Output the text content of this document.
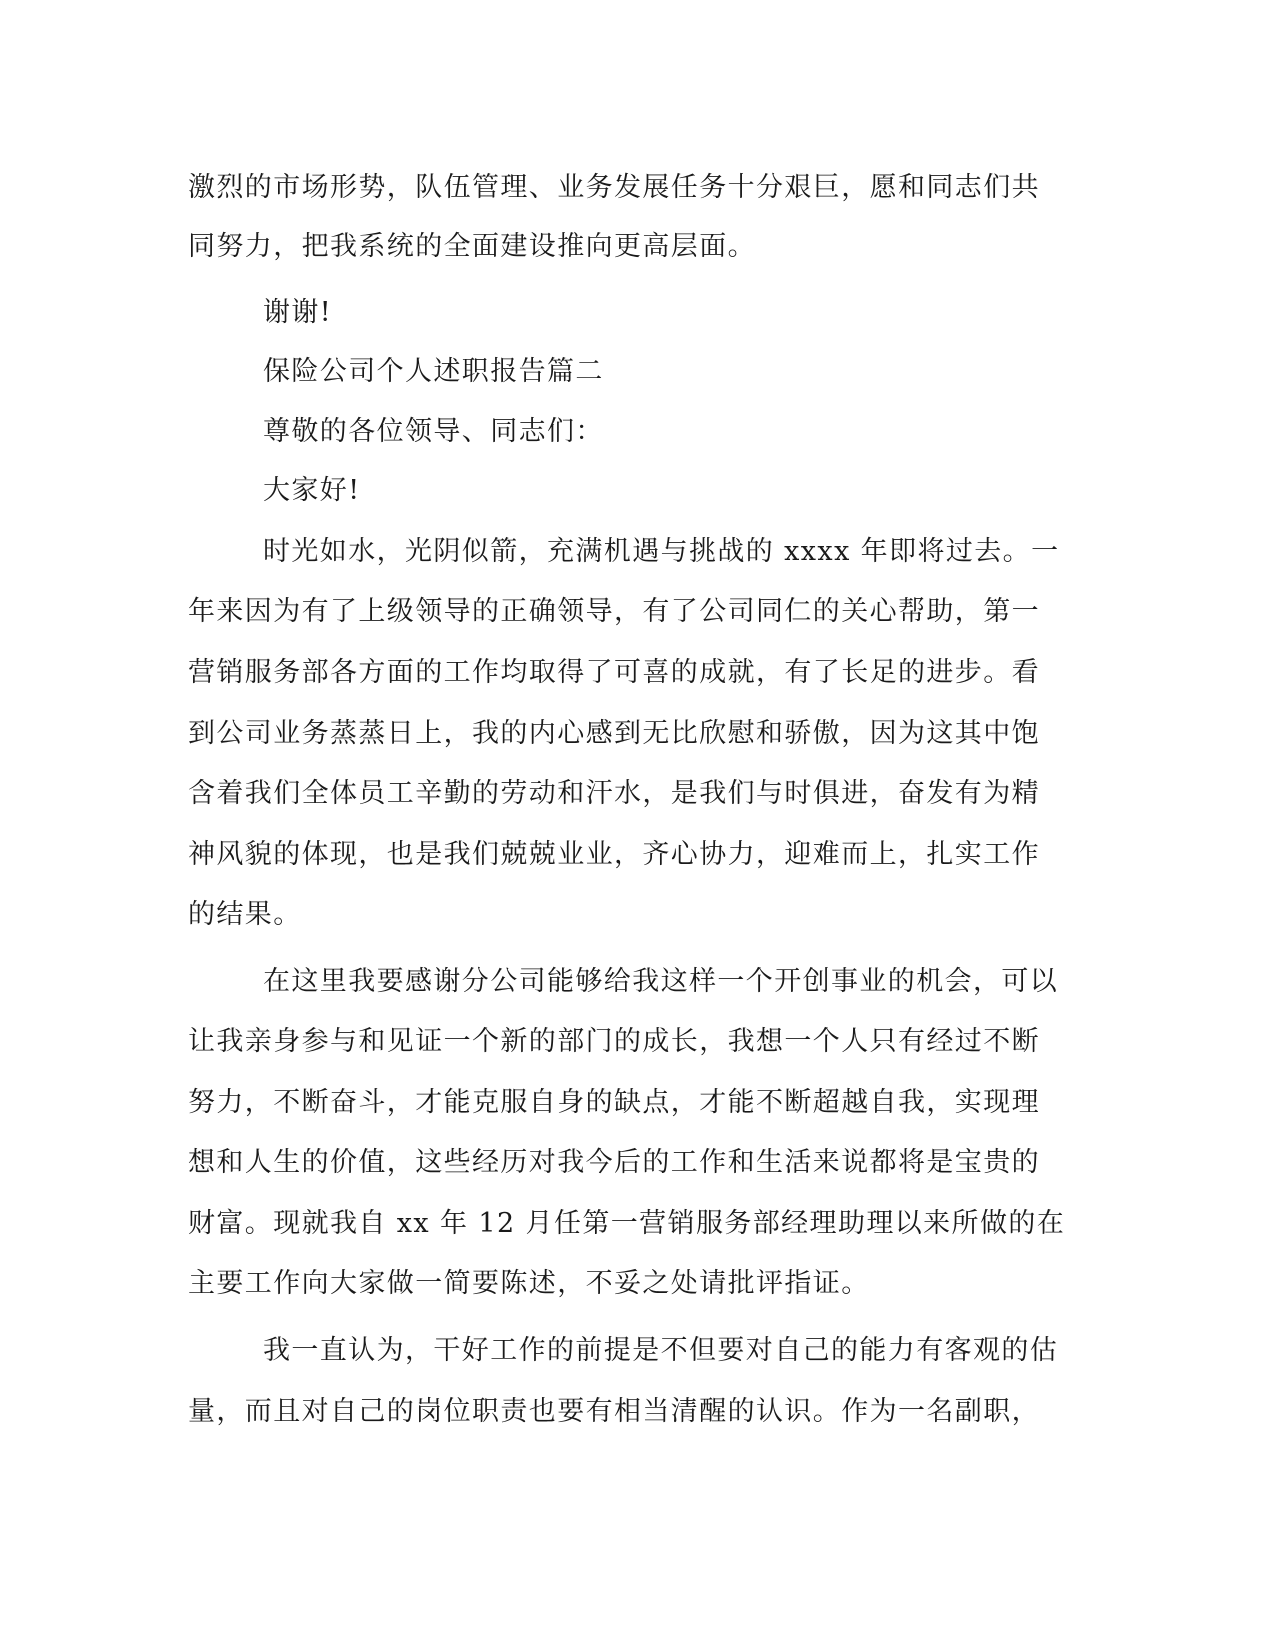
激烈的市场形势，队伍管理、业务发展任务十分艰巨，愿和同志们共
同努力，把我系统的全面建设推向更高层面。
谢谢!
保险公司个人述职报告篇二
尊敬的各位领导、同志们：
大家好!
时光如水，光阴似箭，充满机遇与挑战的 xxxx 年即将过去。一
年来因为有了上级领导的正确领导，有了公司同仁的关心帮助，第一
营销服务部各方面的工作均取得了可喜的成就，有了长足的进步。看
到公司业务蒸蒸日上，我的内心感到无比欣慰和骄傲，因为这其中饱
含着我们全体员工辛勤的劳动和汗水，是我们与时俱进，奋发有为精
神风貌的体现，也是我们兢兢业业，齐心协力，迎难而上，扎实工作
的结果。
在这里我要感谢分公司能够给我这样一个开创事业的机会，可以
让我亲身参与和见证一个新的部门的成长，我想一个人只有经过不断
努力，不断奋斗，才能克服自身的缺点，才能不断超越自我，实现理
想和人生的价值，这些经历对我今后的工作和生活来说都将是宝贵的
财富。现就我自 xx 年 12 月任第一营销服务部经理助理以来所做的在
主要工作向大家做一简要陈述，不妥之处请批评指证。
我一直认为，干好工作的前提是不但要对自己的能力有客观的估
量，而且对自己的岗位职责也要有相当清醒的认识。作为一名副职，
